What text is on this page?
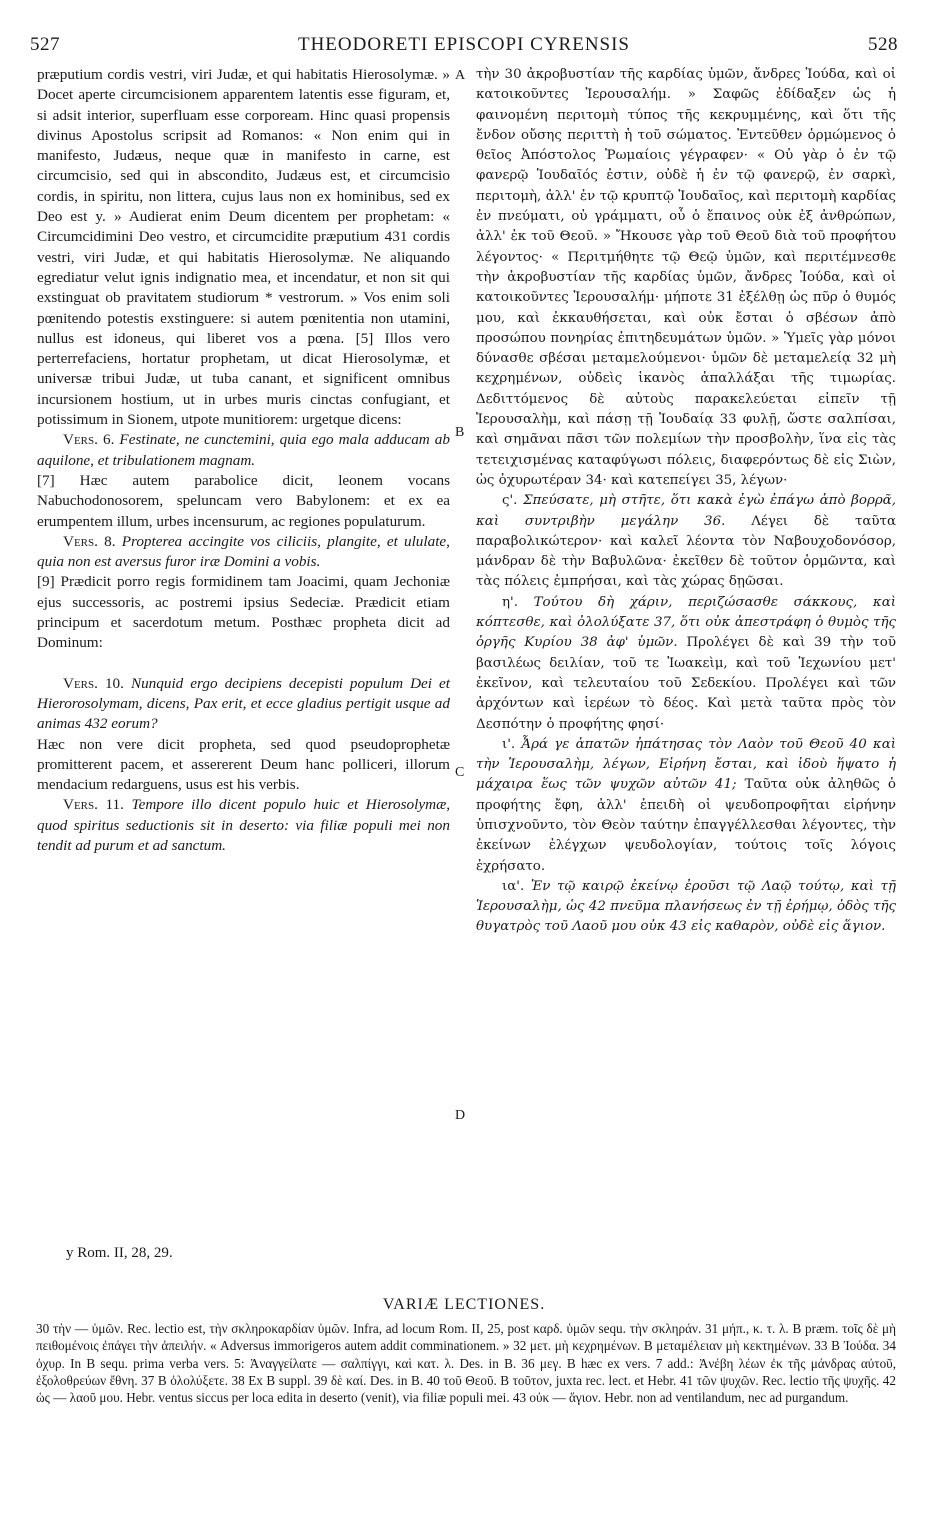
527	THEODORETI EPISCOPI CYRENSIS	528
A
B
C
D

præputium cordis vestri, viri Judæ, et qui habitatis Hierosolymæ. » Docet aperte circumcisionem apparentem latentis esse figuram, et, si adsit interior, superfluam esse corpoream. Hinc quasi propensis divinus Apostolus scripsit ad Romanos: « Non enim qui in manifesto, Judæus, neque quæ in manifesto in carne, est circumcisio, sed qui in abscondito, Judæus est, et circumcisio cordis, in spiritu, non littera, cujus laus non ex hominibus, sed ex Deo est y. » Audierat enim Deum dicentem per prophetam: « Circumcidimini Deo vestro, et circumcidite præputium 431 cordis vestri, viri Judæ, et qui habitatis Hierosolymæ. Ne aliquando egrediatur velut ignis indignatio mea, et incendatur, et non sit qui exstinguat ob pravitatem studiorum * vestrorum. » Vos enim soli pœnitendo potestis exstinguere: si autem pœnitentia non utamini, nullus est idoneus, qui liberet vos a pœna. [5] Illos vero perterrefaciens, hortatur prophetam, ut dicat Hierosolymæ, et universæ tribui Judæ, ut tuba canant, et significent omnibus incursionem hostium, ut in urbes muris cinctas confugiant, et potissimum in Sionem, utpote munitiorem: urgetque dicens:

Vers. 6. Festinate, ne cunctemini, quia ego mala adducam ab aquilone, et tribulationem magnam.

[7] Hæc autem parabolice dicit, leonem vocans Nabuchodonosorem, speluncam vero Babylonem: et ex ea erumpentem illum, urbes incensurum, ac regiones populaturum.

Vers. 8. Propterea accingite vos ciliciis, plangite, et ululate, quia non est aversus furor iræ Domini a vobis.

[9] Prædicit porro regis formidinem tam Joacimi, quam Jechoniæ ejus successoris, ac postremi ipsius Sedeciæ. Prædicit etiam principum et sacerdotum metum. Posthæc propheta dicit ad Dominum:

Vers. 10. Nunquid ergo decipiens decepisti populum Dei et Hierorosolymam, dicens, Pax erit, et ecce gladius pertigit usque ad animas 432 eorum?

Hæc non vere dicit propheta, sed quod pseudoprophetæ promitterent pacem, et assererent Deum hanc polliceri, illorum mendacium redarguens, usus est his verbis.

Vers. 11. Tempore illo dicent populo huic et Hierosolymæ, quod spiritus seductionis sit in deserto: via filiæ populi mei non tendit ad purum et ad sanctum.

τὴν 30 ἀκροβυστίαν τῆς καρδίας ὑμῶν, ἄνδρες Ἰούδα, καὶ οἱ κατοικοῦντες Ἱερουσαλήμ. » Σαφῶς ἐδίδαξεν ὡς ἡ φαινομένη περιτομὴ τύπος τῆς κεκρυμμένης, καὶ ὅτι τῆς ἔνδον οὔσης περιττὴ ἡ τοῦ σώματος. Ἐντεῦθεν ὁρμώμενος ὁ θεῖος Ἀπόστολος Ῥωμαίοις γέγραφεν· « Οὐ γὰρ ὁ ἐν τῷ φανερῷ Ἰουδαῖός ἐστιν, οὐδὲ ἡ ἐν τῷ φανερῷ, ἐν σαρκὶ, περιτομὴ, ἀλλ' ἐν τῷ κρυπτῷ Ἰουδαῖος, καὶ περιτομὴ καρδίας ἐν πνεύματι, οὐ γράμματι, οὗ ὁ ἔπαινος οὐκ ἐξ ἀνθρώπων, ἀλλ' ἐκ τοῦ Θεοῦ. » Ἤκουσε γὰρ τοῦ Θεοῦ διὰ τοῦ προφήτου λέγοντος· « Περιτμήθητε τῷ Θεῷ ὑμῶν, καὶ περιτέμνεσθε τὴν ἀκροβυστίαν τῆς καρδίας ὑμῶν, ἄνδρες Ἰούδα, καὶ οἱ κατοικοῦντες Ἱερουσαλήμ· μήποτε 31 ἐξέλθῃ ὡς πῦρ ὁ θυμός μου, καὶ ἐκκαυθήσεται, καὶ οὐκ ἔσται ὁ σβέσων ἀπὸ προσώπου πονηρίας ἐπιτηδευμάτων ὑμῶν. » Ὑμεῖς γὰρ μόνοι δύνασθε σβέσαι μεταμελούμενοι· ὑμῶν δὲ μεταμελείᾳ 32 μὴ κεχρημένων, οὐδεὶς ἱκανὸς ἀπαλλάξαι τῆς τιμωρίας. Δεδιττόμενος δὲ αὐτοὺς παρακελεύεται εἰπεῖν τῇ Ἱερουσαλὴμ, καὶ πάσῃ τῇ Ἰουδαίᾳ 33 φυλῇ, ὥστε σαλπίσαι, καὶ σημᾶναι πᾶσι τῶν πολεμίων τὴν προσβολὴν, ἵνα εἰς τὰς τετειχισμένας καταφύγωσι πόλεις, διαφερόντως δὲ εἰς Σιὼν, ὡς ὀχυρωτέραν 34· καὶ κατεπείγει 35, λέγων·

ς'. Σπεύσατε, μὴ στῆτε, ὅτι κακὰ ἐγὼ ἐπάγω ἀπὸ βορρᾶ, καὶ συντριβὴν μεγάλην 36. Λέγει δὲ ταῦτα παραβολικώτερον· καὶ καλεῖ λέοντα τὸν Ναβουχοδονόσορ, μάνδραν δὲ τὴν Βαβυλῶνα· ἐκεῖθεν δὲ τοῦτον ὁρμῶντα, καὶ τὰς πόλεις ἐμπρήσαι, καὶ τὰς χώρας δῃῶσαι.

η'. Τούτου δὴ χάριν, περιζώσασθε σάκκους, καὶ κόπτεσθε, καὶ ὀλολύξατε 37, ὅτι οὐκ ἀπεστράφη ὁ θυμὸς τῆς ὀργῆς Κυρίου 38 ἀφ' ὑμῶν. Προλέγει δὲ καὶ 39 τὴν τοῦ βασιλέως δειλίαν, τοῦ τε Ἰωακεὶμ, καὶ τοῦ Ἰεχωνίου μετ' ἐκεῖνον, καὶ τελευταίου τοῦ Σεδεκίου. Προλέγει καὶ τῶν ἀρχόντων καὶ ἱερέων τὸ δέος. Καὶ μετὰ ταῦτα πρὸς τὸν Δεσπότην ὁ προφήτης φησί·

ι'. Ἆρά γε ἀπατῶν ἠπάτησας τὸν Λαὸν τοῦ Θεοῦ 40 καὶ τὴν Ἱερουσαλὴμ, λέγων, Εἰρήνη ἔσται, καὶ ἰδοὺ ἥψατο ἡ μάχαιρα ἕως τῶν ψυχῶν αὐτῶν 41; Ταῦτα οὐκ ἀληθῶς ὁ προφήτης ἔφη, ἀλλ' ἐπειδὴ οἱ ψευδοπροφῆται εἰρήνην ὑπισχνοῦντο, τὸν Θεὸν ταύτην ἐπαγγέλλεσθαι λέγοντες, τὴν ἐκείνων ἐλέγχων ψευδολογίαν, τούτοις τοῖς λόγοις ἐχρήσατο.

ια'. Ἐν τῷ καιρῷ ἐκείνῳ ἐροῦσι τῷ Λαῷ τούτῳ, καὶ τῇ Ἱερουσαλὴμ, ὡς 42 πνεῦμα πλανήσεως ἐν τῇ ἐρήμῳ, ὁδὸς τῆς θυγατρὸς τοῦ Λαοῦ μου οὐκ 43 εἰς καθαρὸν, οὐδὲ εἰς ἅγιον.

y Rom. II, 28, 29.
VARIÆ LECTIONES.

30 τὴν — ὑμῶν. Rec. lectio est, τὴν σκληροκαρδίαν ὑμῶν. Infra, ad locum Rom. II, 25, post καρδ. ὑμῶν sequ. τὴν σκληράν. 31 μήπ., κ. τ. λ. B præm. τοῖς δὲ μὴ πειθομένοις ἐπάγει τὴν ἀπειλήν. « Adversus immorigeros autem addit comminationem. » 32 μετ. μὴ κεχρημένων. B μεταμέλειαν μὴ κεκτημένων. 33 B Ἰούδα. 34 ὀχυρ. In B sequ. prima verba vers. 5: Ἀναγγείλατε — σαλπίγγι, καὶ κατ. λ. Des. in B. 36 μεγ. B hæc ex vers. 7 add.: Ἀνέβη λέων ἐκ τῆς μάνδρας αὐτοῦ, ἐξολοθρεύων ἔθνη. 37 B ὀλολύξετε. 38 Ex B suppl. 39 δὲ καί. Des. in B. 40 τοῦ Θεοῦ. B τοῦτον, juxta rec. lect. et Hebr. 41 τῶν ψυχῶν. Rec. lectio τῆς ψυχῆς. 42 ὡς — λαοῦ μου. Hebr. ventus siccus per loca edita in deserto (venit), via filiæ populi mei. 43 οὐκ — ἅγιον. Hebr. non ad ventilandum, nec ad purgandum.
